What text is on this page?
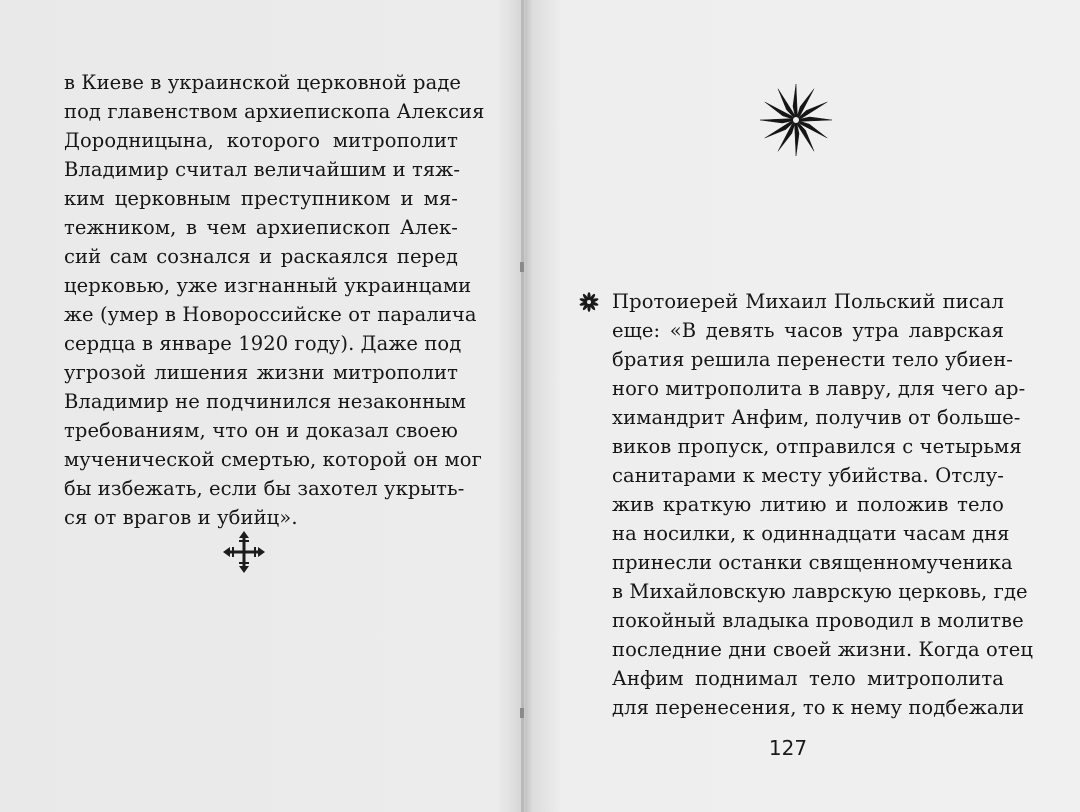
в Киеве в украинской церковной раде
под главенством архиепископа Алексия
Дородницына, которого митрополит
Владимир считал величайшим и тяж-
ким церковным преступником и мя-
тежником, в чем архиепископ Алек-
сий сам сознался и раскаялся перед
церковью, уже изгнанный украинцами
же (умер в Новороссийске от паралича
сердца в январе 1920 году). Даже под
угрозой лишения жизни митрополит
Владимир не подчинился незаконным
требованиям, что он и доказал своею
мученической смертью, которой он мог
бы избежать, если бы захотел укрыть-
ся от врагов и убийц».
Протоиерей Михаил Польский писал
еще: «В девять часов утра лаврская
братия решила перенести тело убиен-
ного митрополита в лавру, для чего ар-
химандрит Анфим, получив от больше-
виков пропуск, отправился с четырьмя
санитарами к месту убийства. Отслу-
жив краткую литию и положив тело
на носилки, к одиннадцати часам дня
принесли останки священномученика
в Михайловскую лаврскую церковь, где
покойный владыка проводил в молитве
последние дни своей жизни. Когда отец
Анфим поднимал тело митрополита
для перенесения, то к нему подбежали
127
